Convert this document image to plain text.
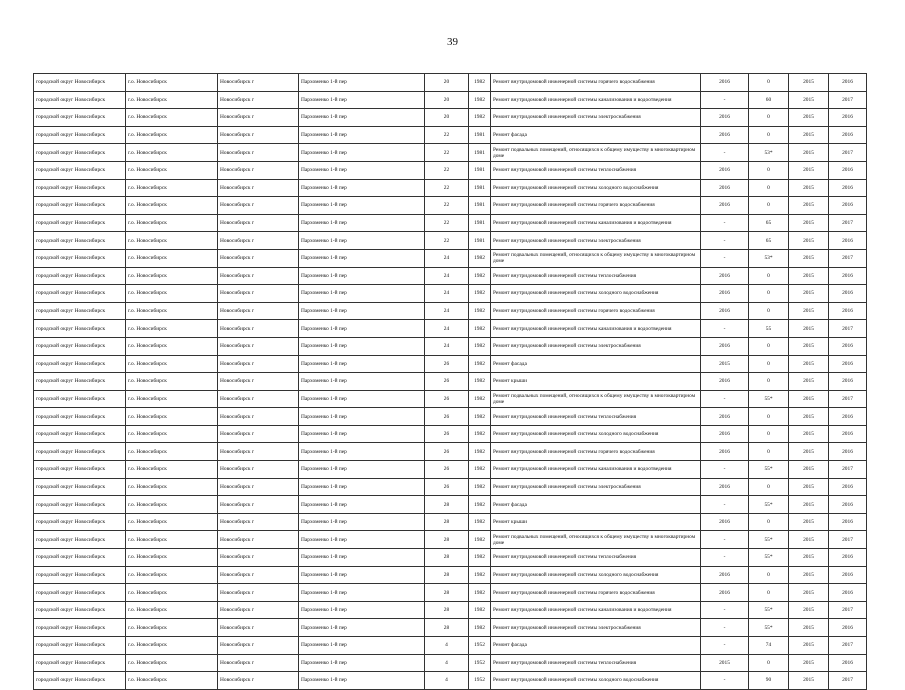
39
городской округ Новосибирск	г.о. Новосибирск	Новосибирск г	Пархоменко 1-й пер	20	1982	Ремонт внутридомовой инженерной системы горячего водоснабжения	2016	0	2015	2016
городской округ Новосибирск	г.о. Новосибирск	Новосибирск г	Пархоменко 1-й пер	20	1982	Ремонт внутридомовой инженерной системы канализования и водоотведения	-	60	2015	2017
городской округ Новосибирск	г.о. Новосибирск	Новосибирск г	Пархоменко 1-й пер	20	1982	Ремонт внутридомовой инженерной системы электроснабжения	2016	0	2015	2016
городской округ Новосибирск	г.о. Новосибирск	Новосибирск г	Пархоменко 1-й пер	22	1981	Ремонт фасада	2016	0	2015	2016
городской округ Новосибирск	г.о. Новосибирск	Новосибирск г	Пархоменко 1-й пер	22	1981	Ремонт подвальных помещений, относящихся к общему имуществу в многоквартирном доме	-	53*	2015	2017
городской округ Новосибирск	г.о. Новосибирск	Новосибирск г	Пархоменко 1-й пер	22	1981	Ремонт внутридомовой инженерной системы теплоснабжения	2016	0	2015	2016
городской округ Новосибирск	г.о. Новосибирск	Новосибирск г	Пархоменко 1-й пер	22	1981	Ремонт внутридомовой инженерной системы холодного водоснабжения	2016	0	2015	2016
городской округ Новосибирск	г.о. Новосибирск	Новосибирск г	Пархоменко 1-й пер	22	1981	Ремонт внутридомовой инженерной системы горячего водоснабжения	2016	0	2015	2016
городской округ Новосибирск	г.о. Новосибирск	Новосибирск г	Пархоменко 1-й пер	22	1981	Ремонт внутридомовой инженерной системы канализования и водоотведения	-	65	2015	2017
городской округ Новосибирск	г.о. Новосибирск	Новосибирск г	Пархоменко 1-й пер	22	1981	Ремонт внутридомовой инженерной системы электроснабжения	-	65	2015	2016
городской округ Новосибирск	г.о. Новосибирск	Новосибирск г	Пархоменко 1-й пер	24	1982	Ремонт подвальных помещений, относящихся к общему имуществу в многоквартирном доме	-	53*	2015	2017
городской округ Новосибирск	г.о. Новосибирск	Новосибирск г	Пархоменко 1-й пер	24	1982	Ремонт внутридомовой инженерной системы теплоснабжения	2016	0	2015	2016
городской округ Новосибирск	г.о. Новосибирск	Новосибирск г	Пархоменко 1-й пер	24	1982	Ремонт внутридомовой инженерной системы холодного водоснабжения	2016	0	2015	2016
городской округ Новосибирск	г.о. Новосибирск	Новосибирск г	Пархоменко 1-й пер	24	1982	Ремонт внутридомовой инженерной системы горячего водоснабжения	2016	0	2015	2016
городской округ Новосибирск	г.о. Новосибирск	Новосибирск г	Пархоменко 1-й пер	24	1982	Ремонт внутридомовой инженерной системы канализования и водоотведения	-	55	2015	2017
городской округ Новосибирск	г.о. Новосибирск	Новосибирск г	Пархоменко 1-й пер	24	1982	Ремонт внутридомовой инженерной системы электроснабжения	2016	0	2015	2016
городской округ Новосибирск	г.о. Новосибирск	Новосибирск г	Пархоменко 1-й пер	26	1982	Ремонт фасада	2015	0	2015	2016
городской округ Новосибирск	г.о. Новосибирск	Новосибирск г	Пархоменко 1-й пер	26	1982	Ремонт крыши	2016	0	2015	2016
городской округ Новосибирск	г.о. Новосибирск	Новосибирск г	Пархоменко 1-й пер	26	1982	Ремонт подвальных помещений, относящихся к общему имуществу в многоквартирном доме	-	55*	2015	2017
городской округ Новосибирск	г.о. Новосибирск	Новосибирск г	Пархоменко 1-й пер	26	1982	Ремонт внутридомовой инженерной системы теплоснабжения	2016	0	2015	2016
городской округ Новосибирск	г.о. Новосибирск	Новосибирск г	Пархоменко 1-й пер	26	1982	Ремонт внутридомовой инженерной системы холодного водоснабжения	2016	0	2015	2016
городской округ Новосибирск	г.о. Новосибирск	Новосибирск г	Пархоменко 1-й пер	26	1982	Ремонт внутридомовой инженерной системы горячего водоснабжения	2016	0	2015	2016
городской округ Новосибирск	г.о. Новосибирск	Новосибирск г	Пархоменко 1-й пер	26	1982	Ремонт внутридомовой инженерной системы канализования и водоотведения	-	55*	2015	2017
городской округ Новосибирск	г.о. Новосибирск	Новосибирск г	Пархоменко 1-й пер	26	1982	Ремонт внутридомовой инженерной системы электроснабжения	2016	0	2015	2016
городской округ Новосибирск	г.о. Новосибирск	Новосибирск г	Пархоменко 1-й пер	28	1982	Ремонт фасада	-	55*	2015	2016
городской округ Новосибирск	г.о. Новосибирск	Новосибирск г	Пархоменко 1-й пер	28	1982	Ремонт крыши	2016	0	2015	2016
городской округ Новосибирск	г.о. Новосибирск	Новосибирск г	Пархоменко 1-й пер	28	1982	Ремонт подвальных помещений, относящихся к общему имуществу в многоквартирном доме	-	55*	2015	2017
городской округ Новосибирск	г.о. Новосибирск	Новосибирск г	Пархоменко 1-й пер	28	1982	Ремонт внутридомовой инженерной системы теплоснабжения	-	55*	2015	2016
городской округ Новосибирск	г.о. Новосибирск	Новосибирск г	Пархоменко 1-й пер	28	1982	Ремонт внутридомовой инженерной системы холодного водоснабжения	2016	0	2015	2016
городской округ Новосибирск	г.о. Новосибирск	Новосибирск г	Пархоменко 1-й пер	28	1982	Ремонт внутридомовой инженерной системы горячего водоснабжения	2016	0	2015	2016
городской округ Новосибирск	г.о. Новосибирск	Новосибирск г	Пархоменко 1-й пер	28	1982	Ремонт внутридомовой инженерной системы канализования и водоотведения	-	55*	2015	2017
городской округ Новосибирск	г.о. Новосибирск	Новосибирск г	Пархоменко 1-й пер	28	1982	Ремонт внутридомовой инженерной системы электроснабжения	-	55*	2015	2016
городской округ Новосибирск	г.о. Новосибирск	Новосибирск г	Пархоменко 1-й пер	4	1952	Ремонт фасада	-	74	2015	2017
городской округ Новосибирск	г.о. Новосибирск	Новосибирск г	Пархоменко 1-й пер	4	1952	Ремонт внутридомовой инженерной системы теплоснабжения	2015	0	2015	2016
городской округ Новосибирск	г.о. Новосибирск	Новосибирск г	Пархоменко 1-й пер	4	1952	Ремонт внутридомовой инженерной системы холодного водоснабжения	-	90	2015	2017
